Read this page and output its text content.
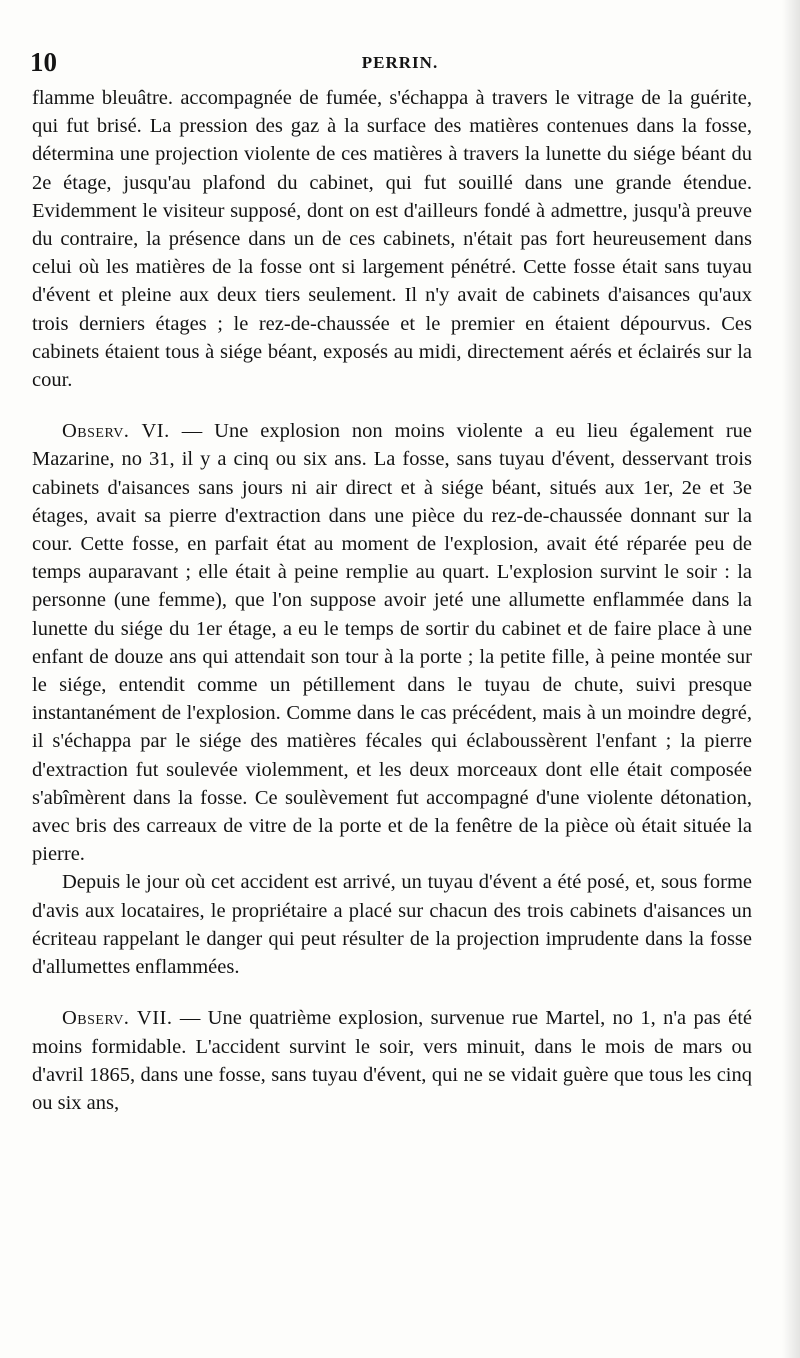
10	PERRIN.

flamme bleuâtre. accompagnée de fumée, s'échappa à travers le vitrage de la guérite, qui fut brisé. La pression des gaz à la surface des matières contenues dans la fosse, détermina une projection violente de ces matières à travers la lunette du siége béant du 2e étage, jusqu'au plafond du cabinet, qui fut souillé dans une grande étendue. Evidemment le visiteur supposé, dont on est d'ailleurs fondé à admettre, jusqu'à preuve du contraire, la présence dans un de ces cabinets, n'était pas fort heureusement dans celui où les matières de la fosse ont si largement pénétré. Cette fosse était sans tuyau d'évent et pleine aux deux tiers seulement. Il n'y avait de cabinets d'aisances qu'aux trois derniers étages ; le rez-de-chaussée et le premier en étaient dépourvus. Ces cabinets étaient tous à siége béant, exposés au midi, directement aérés et éclairés sur la cour.

Observ. VI. — Une explosion non moins violente a eu lieu également rue Mazarine, no 31, il y a cinq ou six ans. La fosse, sans tuyau d'évent, desservant trois cabinets d'aisances sans jours ni air direct et à siége béant, situés aux 1er, 2e et 3e étages, avait sa pierre d'extraction dans une pièce du rez-de-chaussée donnant sur la cour. Cette fosse, en parfait état au moment de l'explosion, avait été réparée peu de temps auparavant ; elle était à peine remplie au quart. L'explosion survint le soir : la personne (une femme), que l'on suppose avoir jeté une allumette enflammée dans la lunette du siége du 1er étage, a eu le temps de sortir du cabinet et de faire place à une enfant de douze ans qui attendait son tour à la porte ; la petite fille, à peine montée sur le siége, entendit comme un pétillement dans le tuyau de chute, suivi presque instantanément de l'explosion. Comme dans le cas précédent, mais à un moindre degré, il s'échappa par le siége des matières fécales qui éclaboussèrent l'enfant ; la pierre d'extraction fut soulevée violemment, et les deux morceaux dont elle était composée s'abîmèrent dans la fosse. Ce soulèvement fut accompagné d'une violente détonation, avec bris des carreaux de vitre de la porte et de la fenêtre de la pièce où était située la pierre.

Depuis le jour où cet accident est arrivé, un tuyau d'évent a été posé, et, sous forme d'avis aux locataires, le propriétaire a placé sur chacun des trois cabinets d'aisances un écriteau rappelant le danger qui peut résulter de la projection imprudente dans la fosse d'allumettes enflammées.

Observ. VII. — Une quatrième explosion, survenue rue Martel, no 1, n'a pas été moins formidable. L'accident survint le soir, vers minuit, dans le mois de mars ou d'avril 1865, dans une fosse, sans tuyau d'évent, qui ne se vidait guère que tous les cinq ou six ans,
